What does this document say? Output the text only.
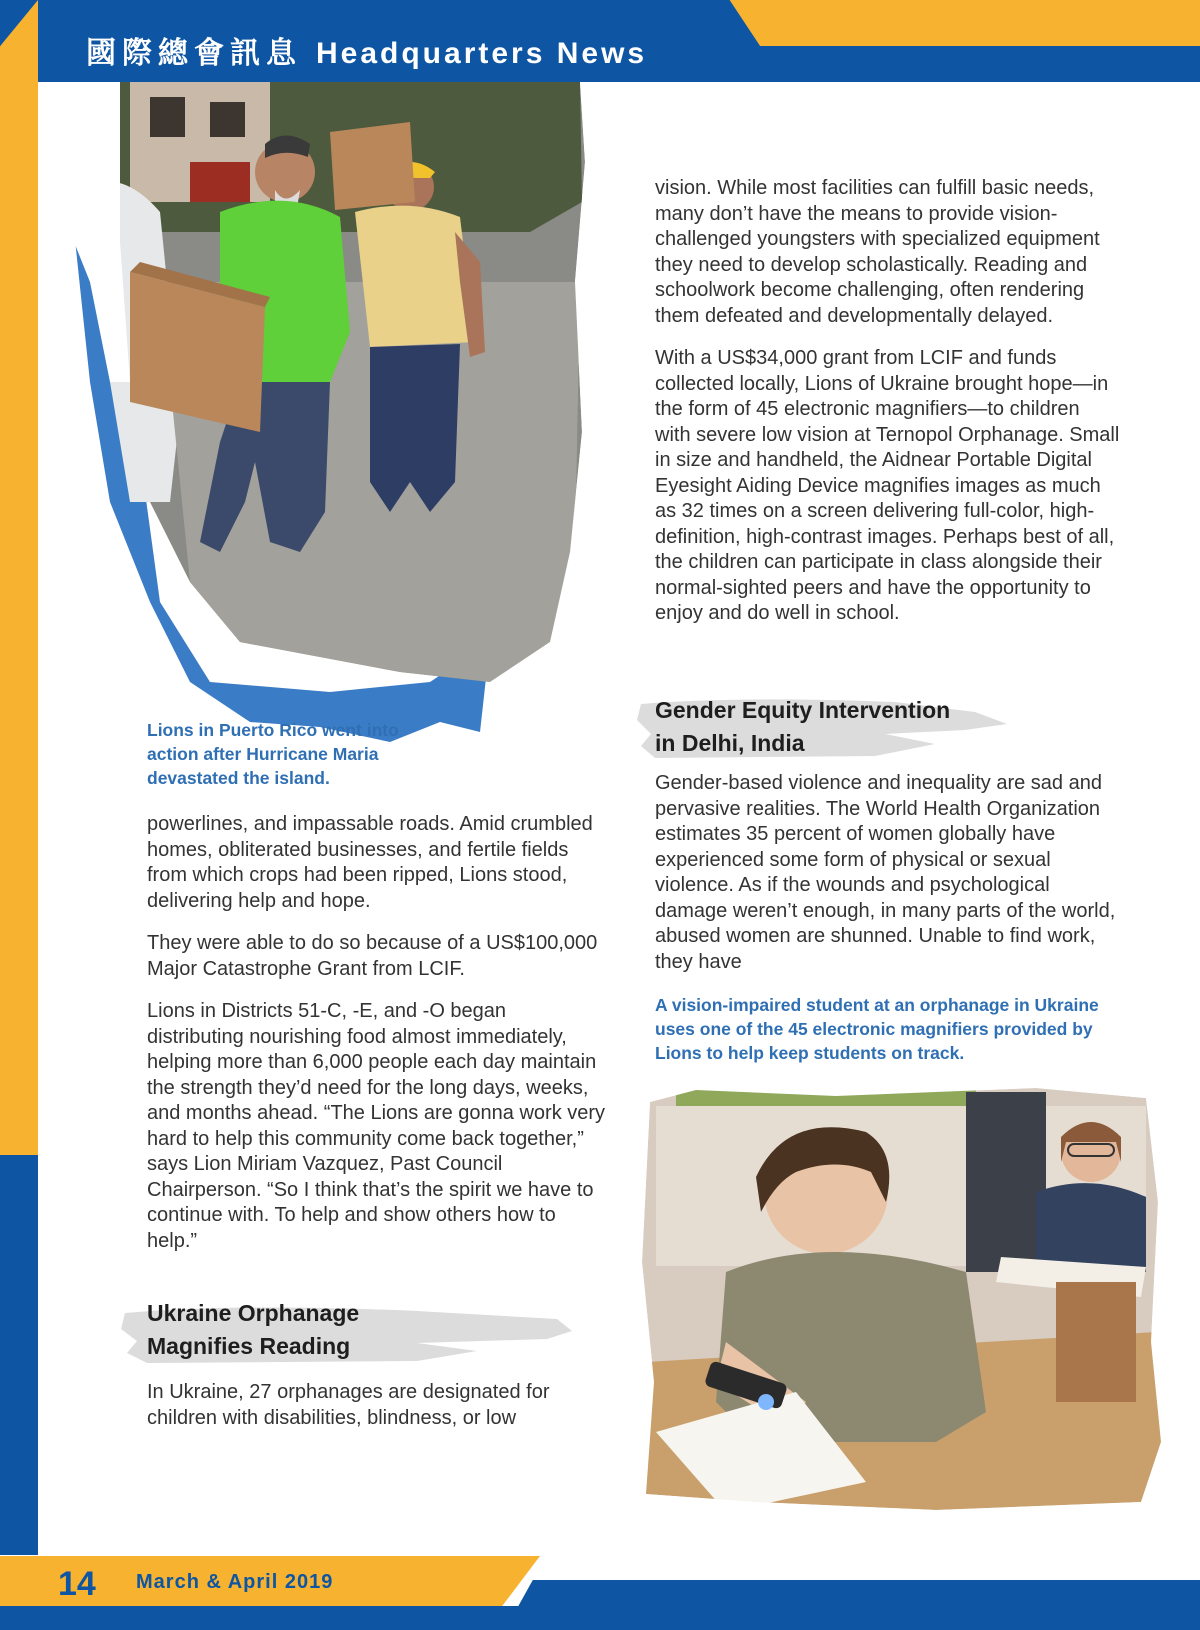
國際總會訊息 Headquarters News
14 March & April 2019
Lions in Puerto Rico went into action after Hurricane Maria devastated the island.

powerlines, and impassable roads. Amid crumbled homes, obliterated businesses, and fertile fields from which crops had been ripped, Lions stood, delivering help and hope.

They were able to do so because of a US$100,000 Major Catastrophe Grant from LCIF.

Lions in Districts 51-C, -E, and -O began distributing nourishing food almost immediately, helping more than 6,000 people each day maintain the strength they’d need for the long days, weeks, and months ahead. “The Lions are gonna work very hard to help this community come back together,” says Lion Miriam Vazquez, Past Council Chairperson. “So I think that’s the spirit we have to continue with. To help and show others how to help.”

Ukraine Orphanage
Magnifies Reading

In Ukraine, 27 orphanages are designated for children with disabilities, blindness, or low

vision. While most facilities can fulfill basic needs, many don’t have the means to provide vision-challenged youngsters with specialized equipment they need to develop scholastically. Reading and schoolwork become challenging, often rendering them defeated and developmentally delayed.

With a US$34,000 grant from LCIF and funds collected locally, Lions of Ukraine brought hope—in the form of 45 electronic magnifiers—to children with severe low vision at Ternopol Orphanage. Small in size and handheld, the Aidnear Portable Digital Eyesight Aiding Device magnifies images as much as 32 times on a screen delivering full-color, high-definition, high-contrast images. Perhaps best of all, the children can participate in class alongside their normal-sighted peers and have the opportunity to enjoy and do well in school.

Gender Equity Intervention
in Delhi, India

Gender-based violence and inequality are sad and pervasive realities. The World Health Organization estimates 35 percent of women globally have experienced some form of physical or sexual violence. As if the wounds and psychological damage weren’t enough, in many parts of the world, abused women are shunned. Unable to find work, they have

A vision-impaired student at an orphanage in Ukraine uses one of the 45 electronic magnifiers provided by Lions to help keep students on track.
